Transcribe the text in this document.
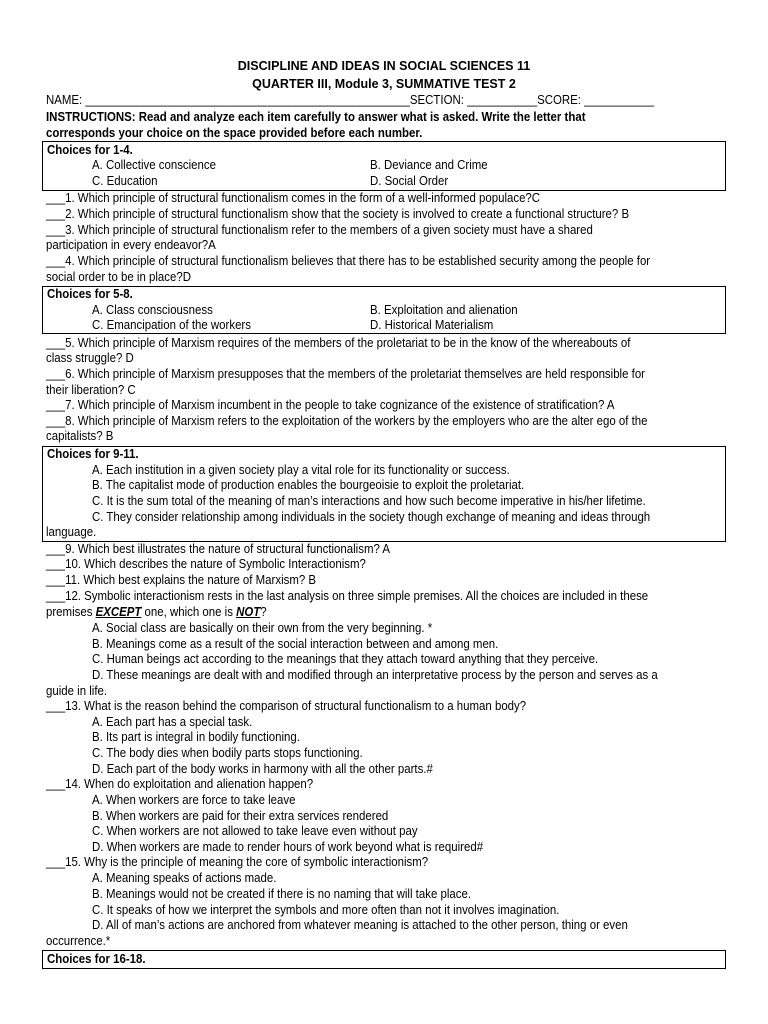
DISCIPLINE AND IDEAS IN SOCIAL SCIENCES 11
QUARTER III, Module 3, SUMMATIVE TEST 2
NAME: ___________________________________________________SECTION: ___________SCORE: ___________
INSTRUCTIONS: Read and analyze each item carefully to answer what is asked. Write the letter that
corresponds your choice on the space provided before each number.
Choices for 1-4.
A. Collective conscience	B. Deviance and Crime
C. Education	D. Social Order
___1. Which principle of structural functionalism comes in the form of a well-informed populace?C
___2. Which principle of structural functionalism show that the society is involved to create a functional structure? B
___3. Which principle of structural functionalism refer to the members of a given society must have a shared
participation in every endeavor?A
___4. Which principle of structural functionalism believes that there has to be established security among the people for
social order to be in place?D
Choices for 5-8.
A. Class consciousness	B. Exploitation and alienation
C. Emancipation of the workers	D. Historical Materialism
___5. Which principle of Marxism requires of the members of the proletariat to be in the know of the whereabouts of
class struggle? D
___6. Which principle of Marxism presupposes that the members of the proletariat themselves are held responsible for
their liberation? C
___7. Which principle of Marxism incumbent in the people to take cognizance of the existence of stratification? A
___8. Which principle of Marxism refers to the exploitation of the workers by the employers who are the alter ego of the
capitalists? B
Choices for 9-11.
A. Each institution in a given society play a vital role for its functionality or success.
B. The capitalist mode of production enables the bourgeoisie to exploit the proletariat.
C. It is the sum total of the meaning of man’s interactions and how such become imperative in his/her lifetime.
C. They consider relationship among individuals in the society though exchange of meaning and ideas through
language.
___9. Which best illustrates the nature of structural functionalism? A
___10. Which describes the nature of Symbolic Interactionism?
___11. Which best explains the nature of Marxism? B
___12. Symbolic interactionism rests in the last analysis on three simple premises. All the choices are included in these
premises EXCEPT one, which one is NOT?
A. Social class are basically on their own from the very beginning. *
B. Meanings come as a result of the social interaction between and among men.
C. Human beings act according to the meanings that they attach toward anything that they perceive.
D. These meanings are dealt with and modified through an interpretative process by the person and serves as a
guide in life.
___13. What is the reason behind the comparison of structural functionalism to a human body?
A. Each part has a special task.
B. Its part is integral in bodily functioning.
C. The body dies when bodily parts stops functioning.
D. Each part of the body works in harmony with all the other parts.#
___14. When do exploitation and alienation happen?
A. When workers are force to take leave
B. When workers are paid for their extra services rendered
C. When workers are not allowed to take leave even without pay
D. When workers are made to render hours of work beyond what is required#
___15. Why is the principle of meaning the core of symbolic interactionism?
A. Meaning speaks of actions made.
B. Meanings would not be created if there is no naming that will take place.
C. It speaks of how we interpret the symbols and more often than not it involves imagination.
D. All of man’s actions are anchored from whatever meaning is attached to the other person, thing or even
occurrence.*
Choices for 16-18.
